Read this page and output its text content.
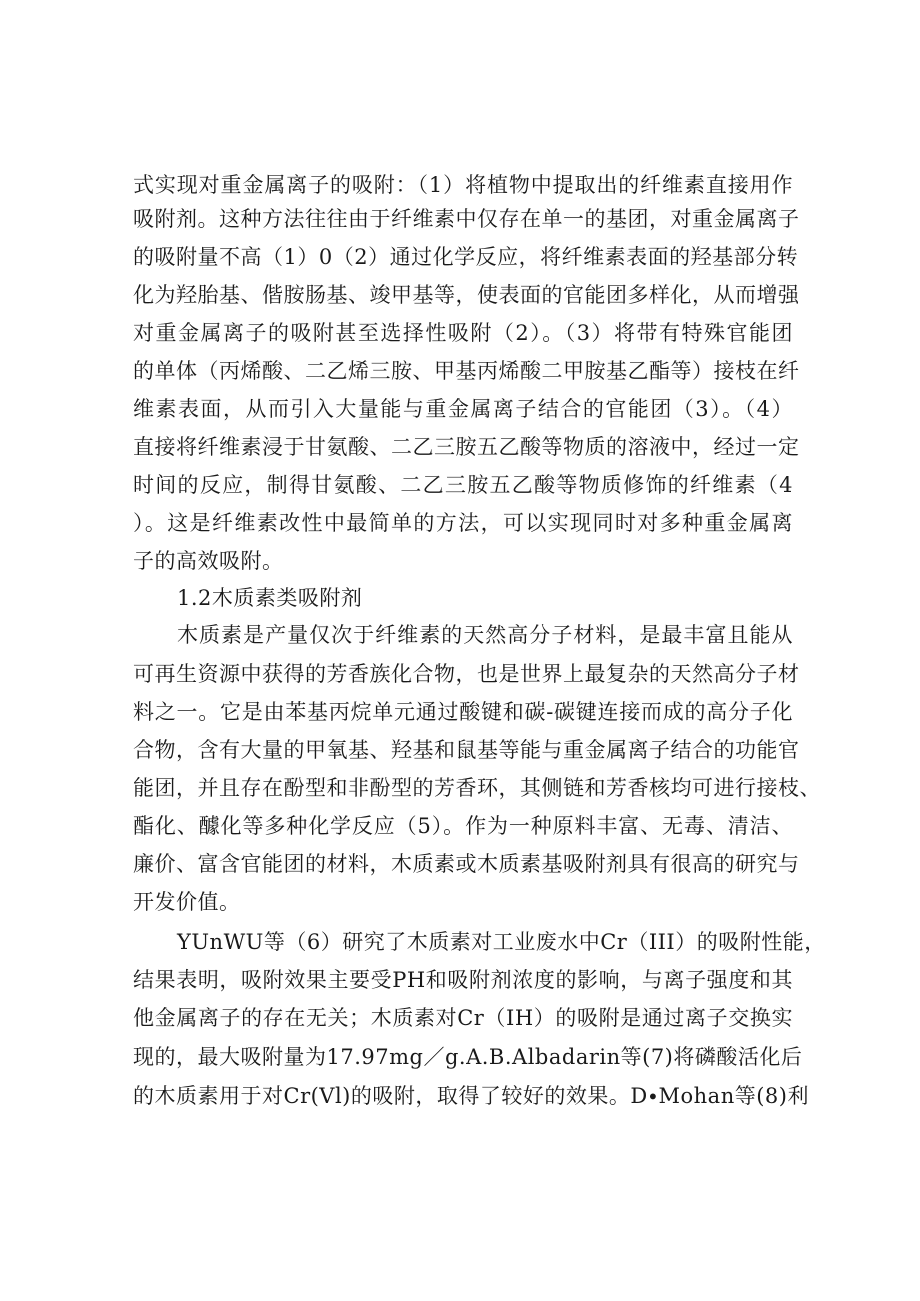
式实现对重金属离子的吸附：（1）将植物中提取出的纤维素直接用作
吸附剂。这种方法往往由于纤维素中仅存在单一的基团，对重金属离子
的吸附量不高（1）0（2）通过化学反应，将纤维素表面的羟基部分转
化为羟胎基、偕胺肠基、竣甲基等，使表面的官能团多样化，从而增强
对重金属离子的吸附甚至选择性吸附（2）。（3）将带有特殊官能团
的单体（丙烯酸、二乙烯三胺、甲基丙烯酸二甲胺基乙酯等）接枝在纤
维素表面，从而引入大量能与重金属离子结合的官能团（3）。（4）
直接将纤维素浸于甘氨酸、二乙三胺五乙酸等物质的溶液中，经过一定
时间的反应，制得甘氨酸、二乙三胺五乙酸等物质修饰的纤维素（4
）。这是纤维素改性中最简单的方法，可以实现同时对多种重金属离
子的高效吸附。
1.2木质素类吸附剂
木质素是产量仅次于纤维素的天然高分子材料，是最丰富且能从
可再生资源中获得的芳香族化合物，也是世界上最复杂的天然高分子材
料之一。它是由苯基丙烷单元通过酸键和碳-碳键连接而成的高分子化
合物，含有大量的甲氧基、羟基和鼠基等能与重金属离子结合的功能官
能团，并且存在酚型和非酚型的芳香环，其侧链和芳香核均可进行接枝、
酯化、醵化等多种化学反应（5）。作为一种原料丰富、无毒、清洁、
廉价、富含官能团的材料，木质素或木质素基吸附剂具有很高的研究与
开发价值。
YUnWU等（6）研究了木质素对工业废水中Cr（III）的吸附性能，
结果表明，吸附效果主要受PH和吸附剂浓度的影响，与离子强度和其
他金属离子的存在无关；木质素对Cr（IH）的吸附是通过离子交换实
现的，最大吸附量为17.97mg／g.A.B.Albadarin等(7)将磷酸活化后
的木质素用于对Cr(Vl)的吸附，取得了较好的效果。D∙Mohan等(8)利
